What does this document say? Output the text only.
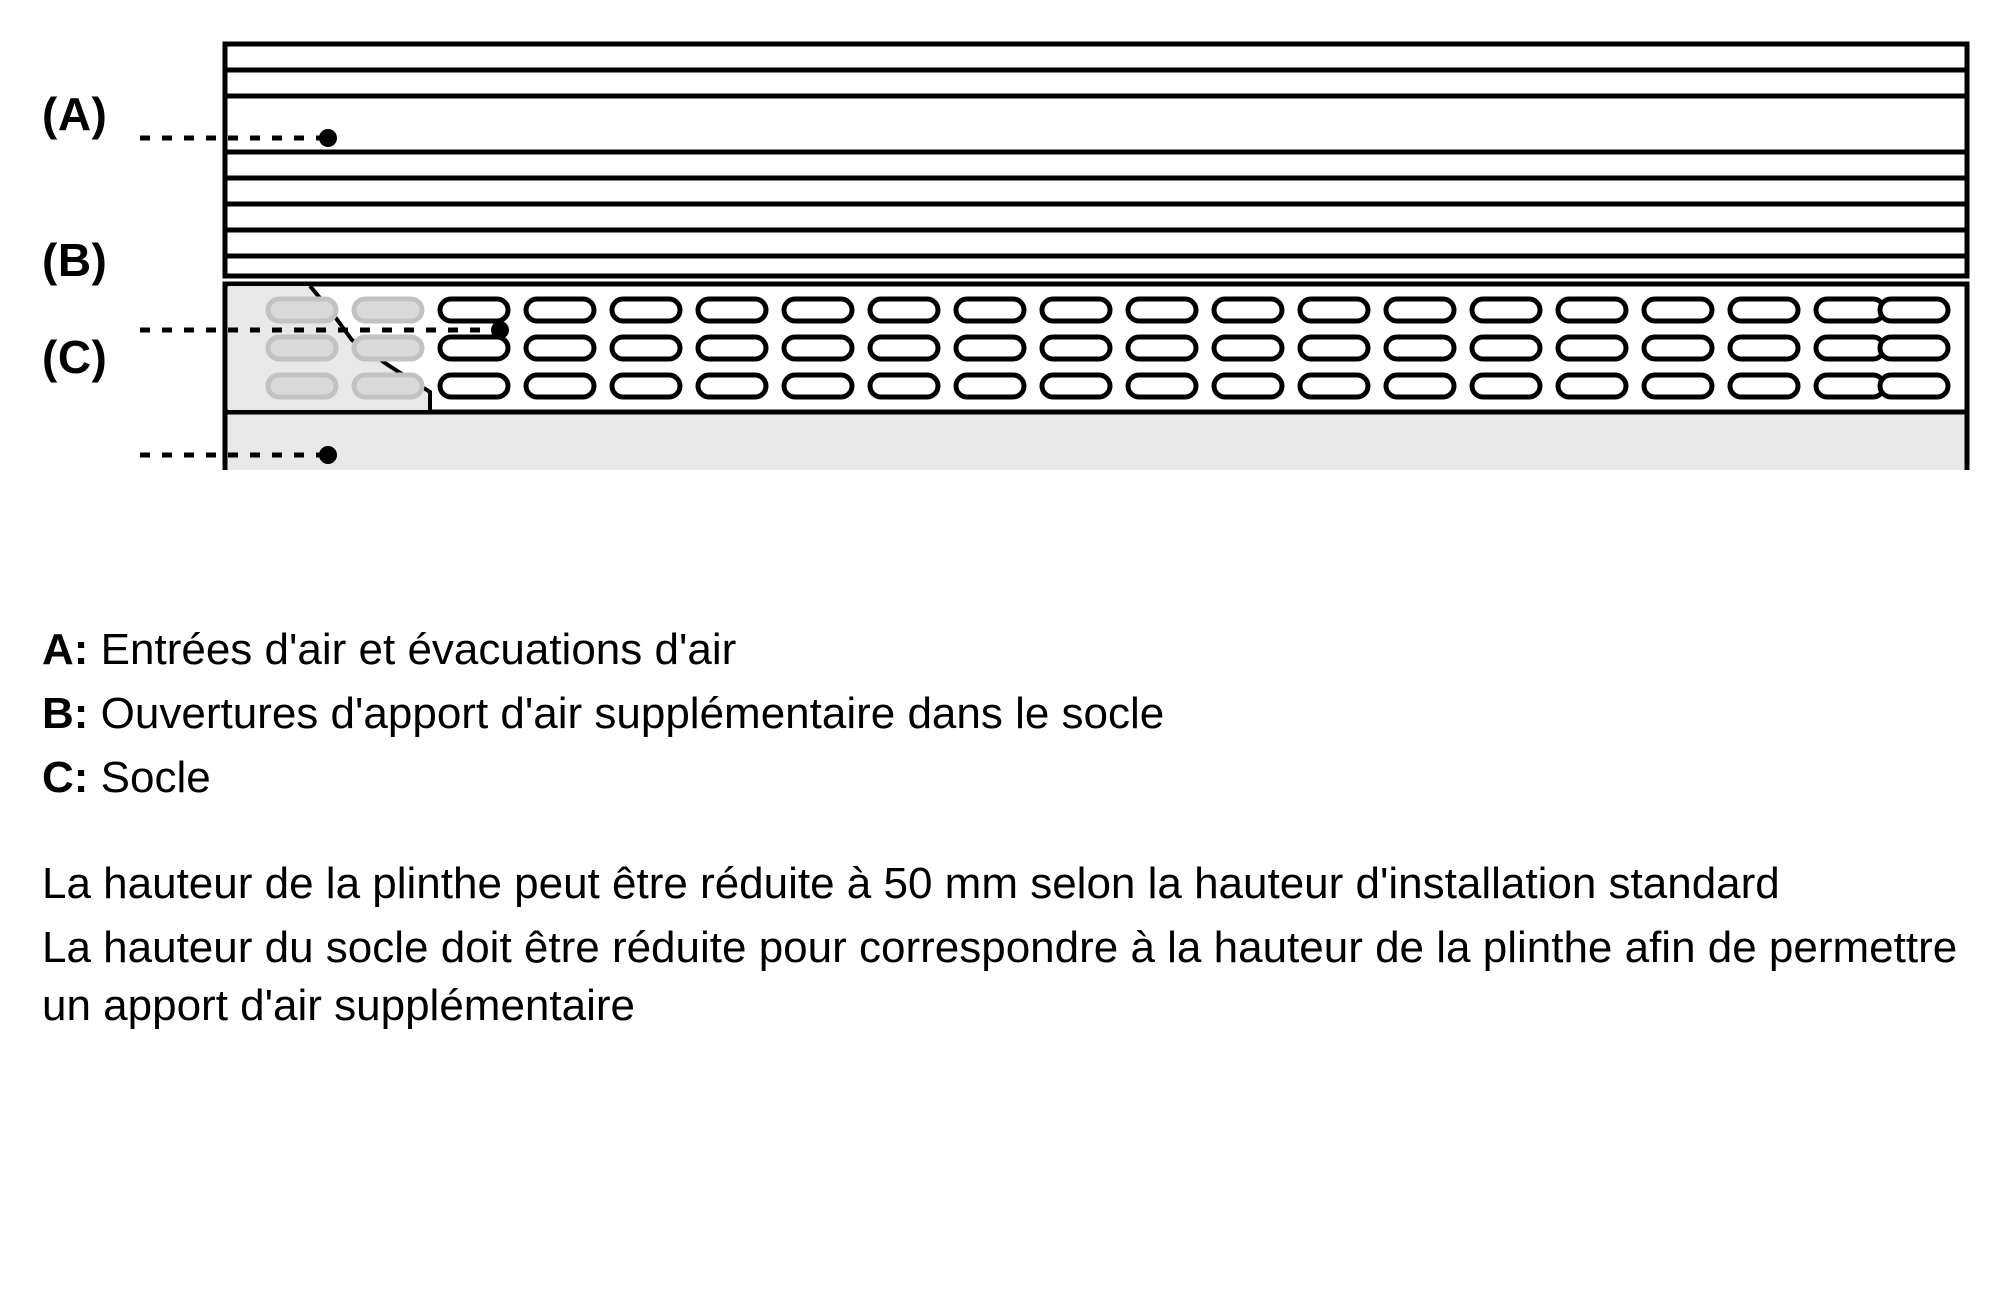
(A)
(B)
(C)
A: Entrées d'air et évacuations d'air
B: Ouvertures d'apport d'air supplémentaire dans le socle
C: Socle

La hauteur de la plinthe peut être réduite à 50 mm selon la hauteur d'installation standard

La hauteur du socle doit être réduite pour correspondre à la hauteur de la plinthe afin de permettre un apport d'air supplémentaire
